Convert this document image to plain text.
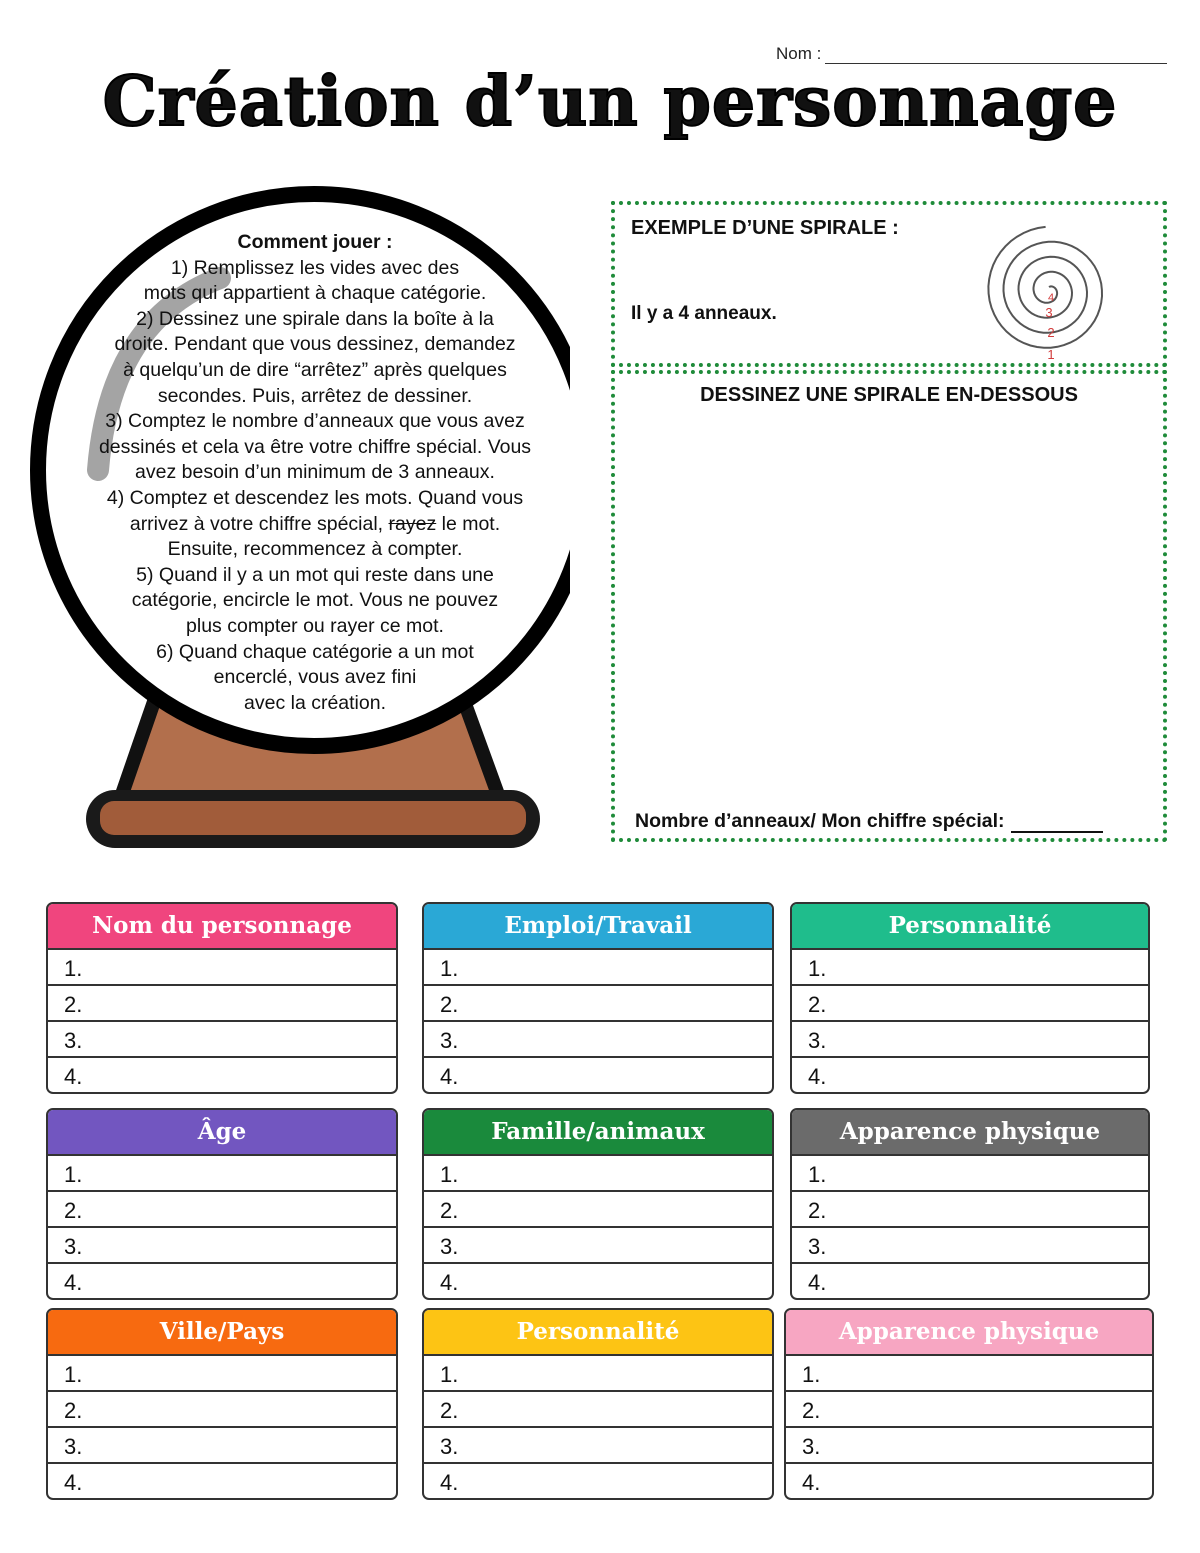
Nom :
Création d’un personnage
Comment jouer :
1) Remplissez les vides avec des
mots qui appartient à chaque catégorie.
2) Dessinez une spirale dans la boîte à la
droite. Pendant que vous dessinez, demandez
à quelqu’un de dire “arrêtez” après quelques
secondes. Puis, arrêtez de dessiner.
3) Comptez le nombre d’anneaux que vous avez
dessinés et cela va être votre chiffre spécial. Vous
avez besoin d’un minimum de 3 anneaux.
4) Comptez et descendez les mots. Quand vous
arrivez à votre chiffre spécial, rayez le mot.
Ensuite, recommencez à compter.
5) Quand il y a un mot qui reste dans une
catégorie, encircle le mot. Vous ne pouvez
plus compter ou rayer ce mot.
6) Quand chaque catégorie a un mot
encerclé, vous avez fini
avec la création.
EXEMPLE D’UNE SPIRALE :
Il y a 4 anneaux.
1
2
3
4
DESSINEZ UNE SPIRALE EN-DESSOUS
Nombre d’anneaux/ Mon chiffre spécial:
Nom du personnage
1.
2.
3.
4.
Emploi/Travail
1.
2.
3.
4.
Personnalité
1.
2.
3.
4.
Âge
1.
2.
3.
4.
Famille/animaux
1.
2.
3.
4.
Apparence physique
1.
2.
3.
4.
Ville/Pays
1.
2.
3.
4.
Personnalité
1.
2.
3.
4.
Apparence physique
1.
2.
3.
4.
